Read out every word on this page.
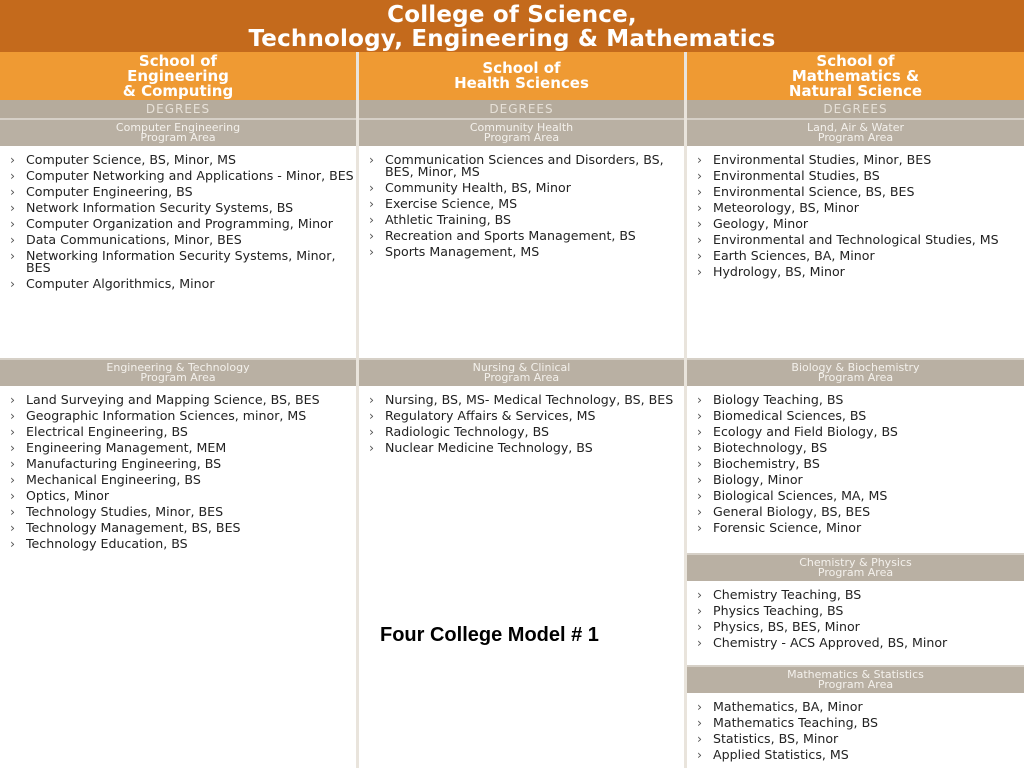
College of Science,
Technology, Engineering & Mathematics
School of
Engineering
& Computing
DEGREES
Computer Engineering
Program Area
› Computer Science, BS, Minor, MS
› Computer Networking and Applications - Minor, BES
› Computer Engineering, BS
› Network Information Security Systems, BS
› Computer Organization and Programming, Minor
› Data Communications, Minor, BES
› Networking Information Security Systems, Minor, BES
› Computer Algorithmics, Minor
Engineering & Technology
Program Area
› Land Surveying and Mapping Science, BS, BES
› Geographic Information Sciences, minor, MS
› Electrical Engineering, BS
› Engineering Management, MEM
› Manufacturing Engineering, BS
› Mechanical Engineering, BS
› Optics, Minor
› Technology Studies, Minor, BES
› Technology Management, BS, BES
› Technology Education, BS
School of
Health Sciences
DEGREES
Community Health
Program Area
› Communication Sciences and Disorders, BS, BES, Minor, MS
› Community Health, BS, Minor
› Exercise Science, MS
› Athletic Training, BS
› Recreation and Sports Management, BS
› Sports Management, MS
Nursing & Clinical
Program Area
› Nursing, BS, MS- Medical Technology, BS, BES
› Regulatory Affairs & Services, MS
› Radiologic Technology, BS
› Nuclear Medicine Technology, BS
School of
Mathematics &
Natural Science
DEGREES
Land, Air & Water
Program Area
› Environmental Studies, Minor, BES
› Environmental Studies, BS
› Environmental Science, BS, BES
› Meteorology, BS, Minor
› Geology, Minor
› Environmental and Technological Studies, MS
› Earth Sciences, BA, Minor
› Hydrology, BS, Minor
Biology & Biochemistry
Program Area
› Biology Teaching, BS
› Biomedical Sciences, BS
› Ecology and Field Biology, BS
› Biotechnology, BS
› Biochemistry, BS
› Biology, Minor
› Biological Sciences, MA, MS
› General Biology, BS, BES
› Forensic Science, Minor
Chemistry & Physics
Program Area
› Chemistry Teaching, BS
› Physics Teaching, BS
› Physics, BS, BES, Minor
› Chemistry - ACS Approved, BS, Minor
Mathematics & Statistics
Program Area
› Mathematics, BA, Minor
› Mathematics Teaching, BS
› Statistics, BS, Minor
› Applied Statistics, MS
Four College Model # 1
